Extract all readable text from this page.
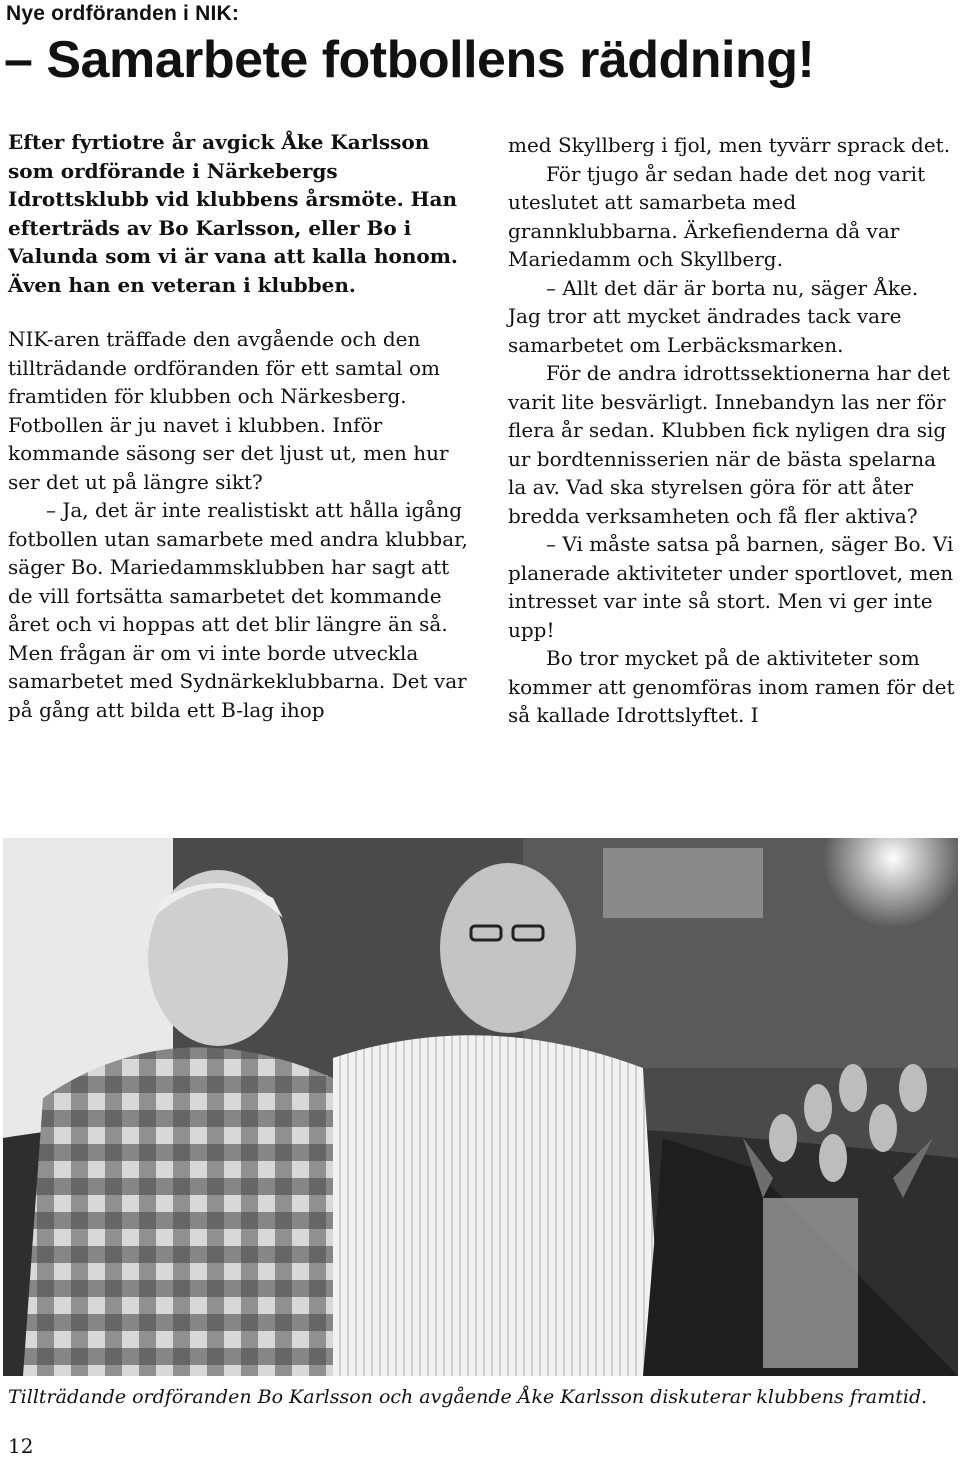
Nye ordföranden i NIK:
– Samarbete fotbollens räddning!

Efter fyrtiotre år avgick Åke Karlsson som ordförande i Närkebergs Idrottsklubb vid klubbens årsmöte. Han efterträds av Bo Karlsson, eller Bo i Valunda som vi är vana att kalla honom. Även han en veteran i klubben.

NIK-aren träffade den avgående och den tillträdande ordföranden för ett samtal om framtiden för klubben och Närkesberg. Fotbollen är ju navet i klubben. Inför kommande säsong ser det ljust ut, men hur ser det ut på längre sikt?

– Ja, det är inte realistiskt att hålla igång fotbollen utan samarbete med andra klubbar, säger Bo. Mariedammsklubben har sagt att de vill fortsätta samarbetet det kommande året och vi hoppas att det blir längre än så. Men frågan är om vi inte borde utveckla samarbetet med Sydnärkeklubbarna. Det var på gång att bilda ett B-lag ihop

med Skyllberg i fjol, men tyvärr sprack det.

För tjugo år sedan hade det nog varit uteslutet att samarbeta med grannklubbarna. Ärkefienderna då var Mariedamm och Skyllberg.

– Allt det där är borta nu, säger Åke. Jag tror att mycket ändrades tack vare samarbetet om Lerbäcksmarken.

För de andra idrottssektionerna har det varit lite besvärligt. Innebandyn las ner för flera år sedan. Klubben fick nyligen dra sig ur bordtennisserien när de bästa spelarna la av. Vad ska styrelsen göra för att åter bredda verksamheten och få fler aktiva?

– Vi måste satsa på barnen, säger Bo. Vi planerade aktiviteter under sportlovet, men intresset var inte så stort. Men vi ger inte upp!

Bo tror mycket på de aktiviteter som kommer att genomföras inom ramen för det så kallade Idrottslyftet. I

Tillträdande ordföranden Bo Karlsson och avgående Åke Karlsson diskuterar klubbens framtid.
12
